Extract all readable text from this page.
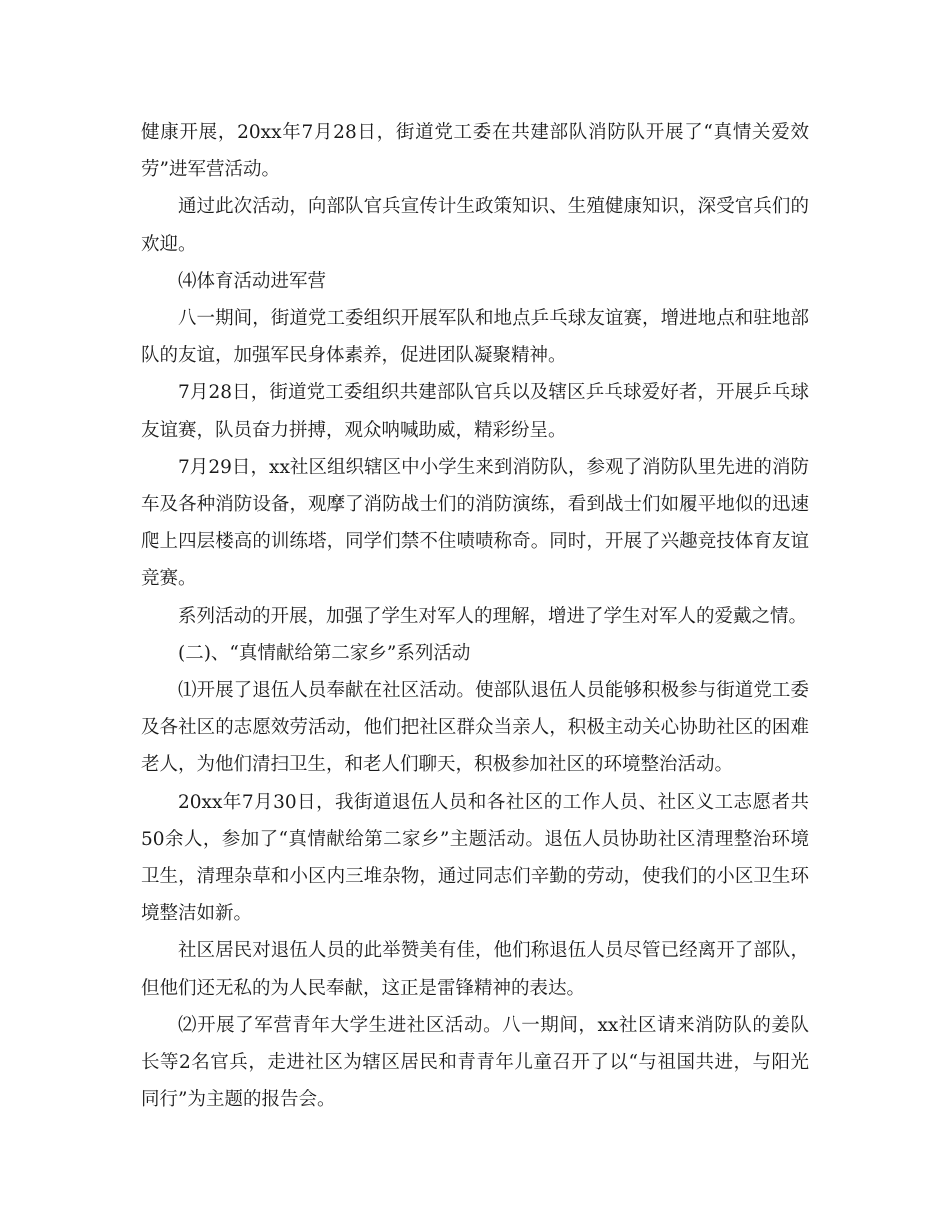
健康开展，20xx年7月28日，街道党工委在共建部队消防队开展了“真情关爱效劳”进军营活动。

通过此次活动，向部队官兵宣传计生政策知识、生殖健康知识，深受官兵们的欢迎。

⑷体育活动进军营

八一期间，街道党工委组织开展军队和地点乒乓球友谊赛，增进地点和驻地部队的友谊，加强军民身体素养，促进团队凝聚精神。

7月28日，街道党工委组织共建部队官兵以及辖区乒乓球爱好者，开展乒乓球友谊赛，队员奋力拼搏，观众呐喊助威，精彩纷呈。

7月29日，xx社区组织辖区中小学生来到消防队，参观了消防队里先进的消防车及各种消防设备，观摩了消防战士们的消防演练，看到战士们如履平地似的迅速爬上四层楼高的训练塔，同学们禁不住啧啧称奇。同时，开展了兴趣竞技体育友谊竞赛。

系列活动的开展，加强了学生对军人的理解，增进了学生对军人的爱戴之情。

(二)、“真情献给第二家乡”系列活动

⑴开展了退伍人员奉献在社区活动。使部队退伍人员能够积极参与街道党工委及各社区的志愿效劳活动，他们把社区群众当亲人，积极主动关心协助社区的困难老人，为他们清扫卫生，和老人们聊天，积极参加社区的环境整治活动。

20xx年7月30日，我街道退伍人员和各社区的工作人员、社区义工志愿者共50余人，参加了“真情献给第二家乡”主题活动。退伍人员协助社区清理整治环境卫生，清理杂草和小区内三堆杂物，通过同志们辛勤的劳动，使我们的小区卫生环境整洁如新。

社区居民对退伍人员的此举赞美有佳，他们称退伍人员尽管已经离开了部队，但他们还无私的为人民奉献，这正是雷锋精神的表达。

⑵开展了军营青年大学生进社区活动。八一期间，xx社区请来消防队的姜队长等2名官兵，走进社区为辖区居民和青青年儿童召开了以“与祖国共进，与阳光同行”为主题的报告会。
